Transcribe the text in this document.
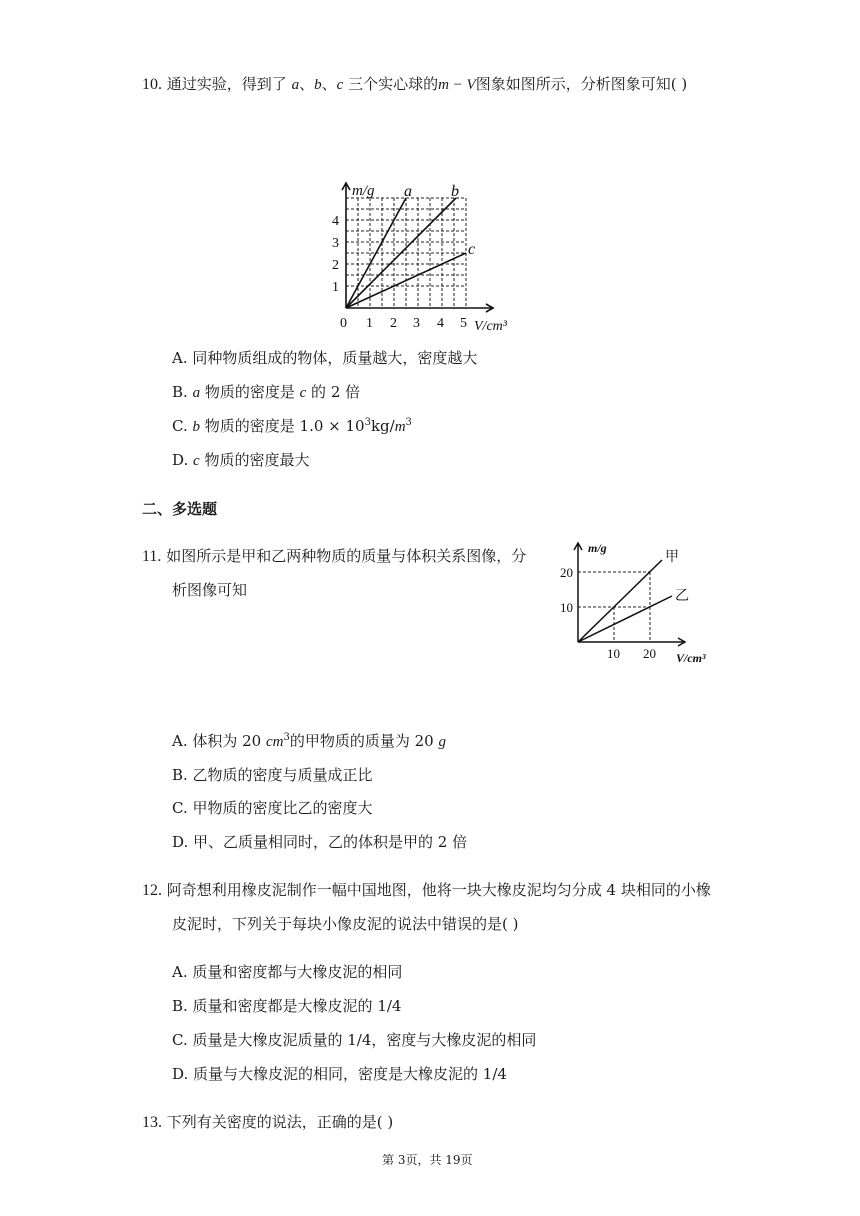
10. 通过实验，得到了 a、b、c 三个实心球的m − V图象如图所示，分析图象可知( )
m/g a b
c
4
3
2
1
0 1 2 3 4 5 V/cm³
A. 同种物质组成的物体，质量越大，密度越大
B. a 物质的密度是 c 的 2 倍
C. b 物质的密度是 $1.0 \times 10^3kg/m^3$
D. c 物质的密度最大
二、多选题
11. 如图所示是甲和乙两种物质的质量与体积关系图像，分
析图像可知
m/g
甲
乙
20
10
10 20 V/cm³
A. 体积为 20 $cm^3$的甲物质的质量为 20 g
B. 乙物质的密度与质量成正比
C. 甲物质的密度比乙的密度大
D. 甲、乙质量相同时，乙的体积是甲的 2 倍
12. 阿奇想利用橡皮泥制作一幅中国地图，他将一块大橡皮泥均匀分成 4 块相同的小橡
皮泥时，下列关于每块小像皮泥的说法中错误的是( )
A. 质量和密度都与大橡皮泥的相同
B. 质量和密度都是大橡皮泥的 1/4
C. 质量是大橡皮泥质量的 1/4，密度与大橡皮泥的相同
D. 质量与大橡皮泥的相同，密度是大橡皮泥的 1/4
13. 下列有关密度的说法，正确的是( )
第 3页，共 19页
